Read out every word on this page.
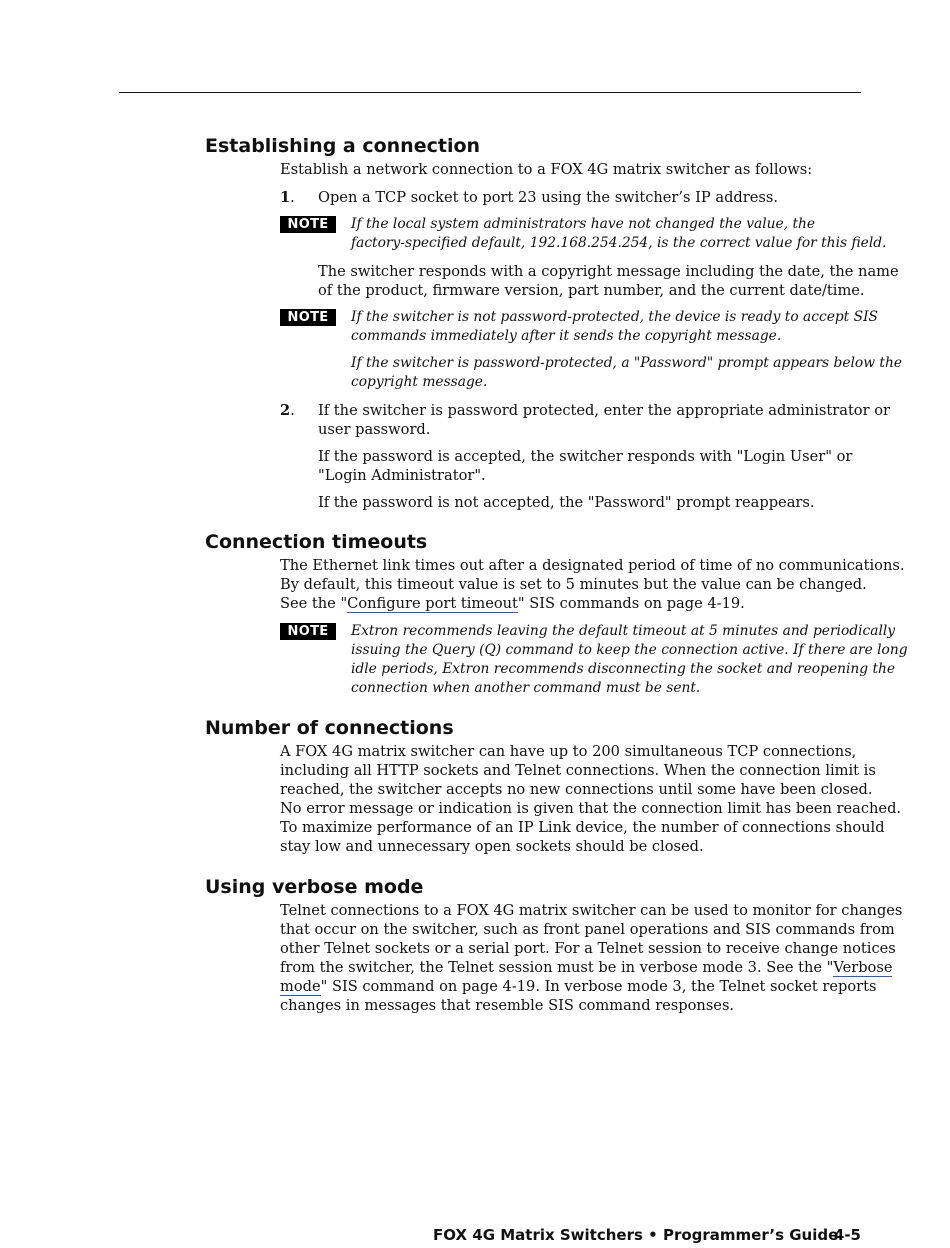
Establishing a connection

Establish a network connection to a FOX 4G matrix switcher as follows:

1. Open a TCP socket to port 23 using the switcher’s IP address.

NOTE	If the local system administrators have not changed the value, the

factory-specified default, 192.168.254.254, is the correct value for this field.

The switcher responds with a copyright message including the date, the name

of the product, firmware version, part number, and the current date/time.

NOTE	If the switcher is not password-protected, the device is ready to accept SIS

commands immediately after it sends the copyright message.

If the switcher is password-protected, a "Password" prompt appears below the

copyright message.

2. If the switcher is password protected, enter the appropriate administrator or

user password.

If the password is accepted, the switcher responds with "Login User" or

"Login Administrator".

If the password is not accepted, the "Password" prompt reappears.

Connection timeouts

The Ethernet link times out after a designated period of time of no communications.

By default, this timeout value is set to 5 minutes but the value can be changed.

See the "Configure port timeout" SIS commands on page 4-19.

NOTE	Extron recommends leaving the default timeout at 5 minutes and periodically

issuing the Query (Q) command to keep the connection active. If there are long

idle periods, Extron recommends disconnecting the socket and reopening the

connection when another command must be sent.

Number of connections

A FOX 4G matrix switcher can have up to 200 simultaneous TCP connections,

including all HTTP sockets and Telnet connections. When the connection limit is

reached, the switcher accepts no new connections until some have been closed.

No error message or indication is given that the connection limit has been reached.

To maximize performance of an IP Link device, the number of connections should

stay low and unnecessary open sockets should be closed.

Using verbose mode

Telnet connections to a FOX 4G matrix switcher can be used to monitor for changes

that occur on the switcher, such as front panel operations and SIS commands from

other Telnet sockets or a serial port. For a Telnet session to receive change notices

from the switcher, the Telnet session must be in verbose mode 3. See the "Verbose

mode" SIS command on page 4-19. In verbose mode 3, the Telnet socket reports

changes in messages that resemble SIS command responses.

FOX 4G Matrix Switchers • Programmer’s Guide
4-5
